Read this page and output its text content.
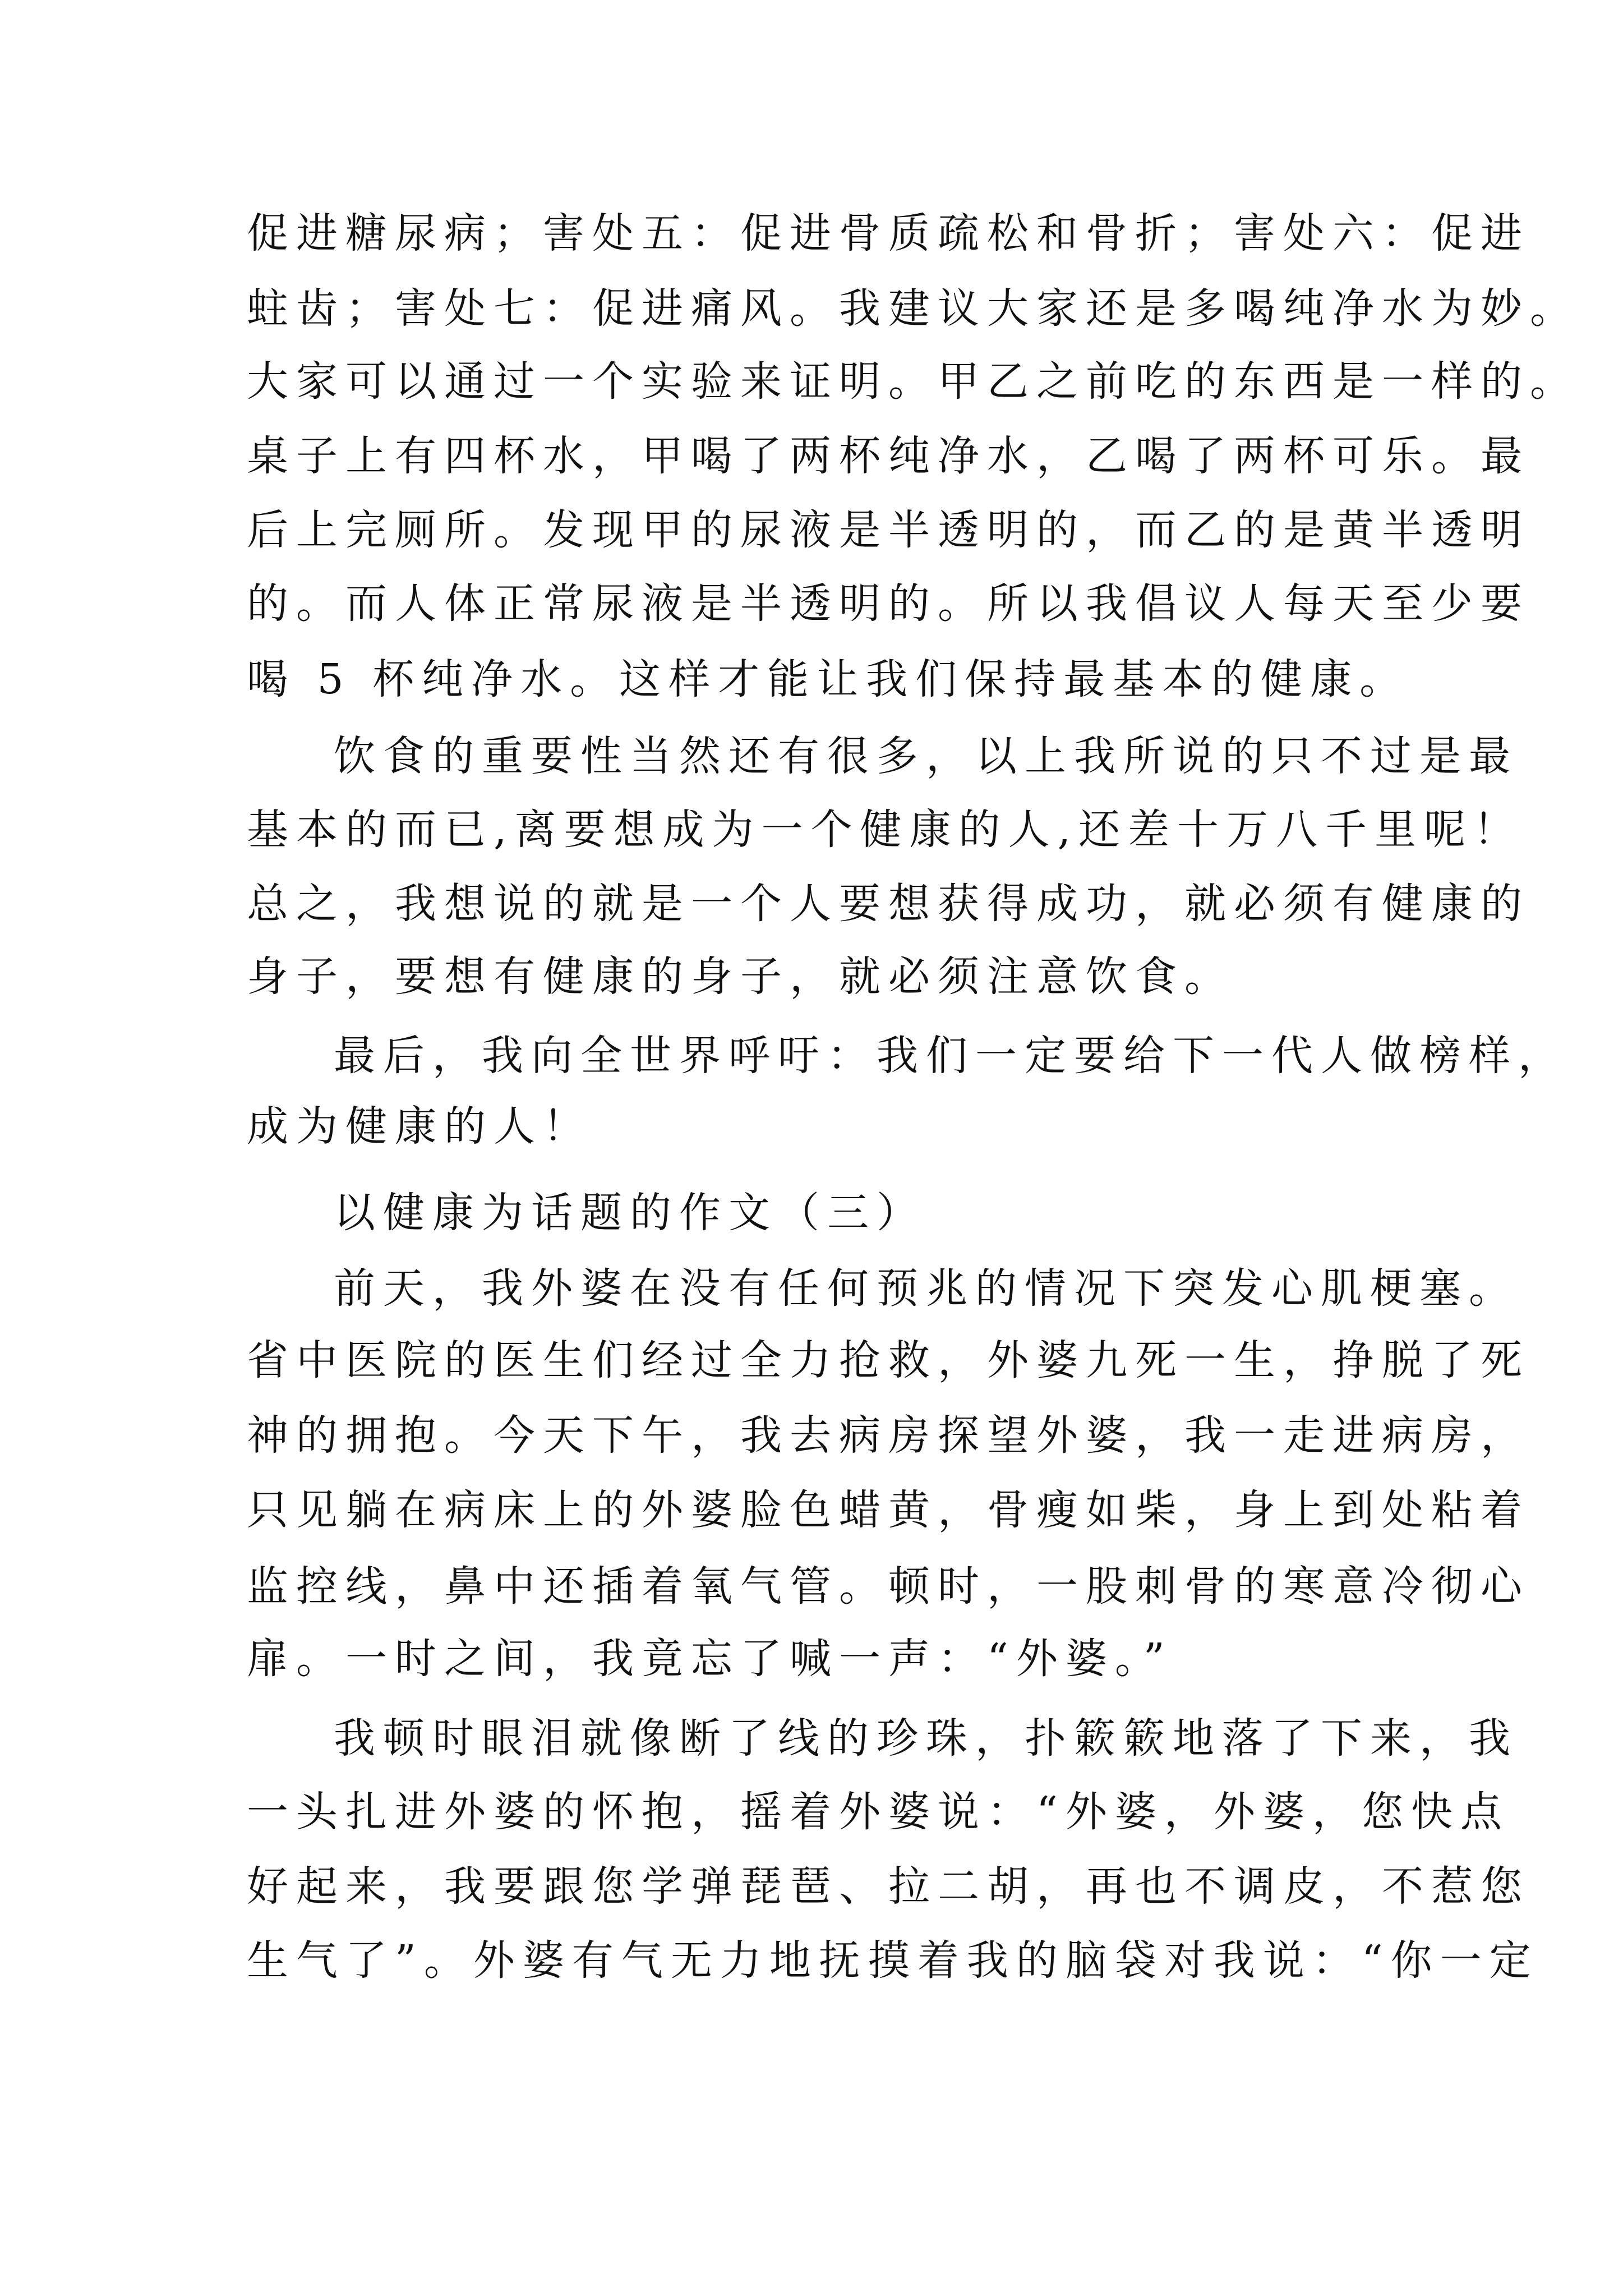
促进糖尿病；害处五：促进骨质疏松和骨折；害处六：促进
蛀齿；害处七：促进痛风。我建议大家还是多喝纯净水为妙。
大家可以通过一个实验来证明。甲乙之前吃的东西是一样的。
桌子上有四杯水，甲喝了两杯纯净水，乙喝了两杯可乐。最
后上完厕所。发现甲的尿液是半透明的，而乙的是黄半透明
的。而人体正常尿液是半透明的。所以我倡议人每天至少要
喝 5 杯纯净水。这样才能让我们保持最基本的健康。
饮食的重要性当然还有很多，以上我所说的只不过是最
基本的而已,离要想成为一个健康的人,还差十万八千里呢！
总之，我想说的就是一个人要想获得成功，就必须有健康的
身子，要想有健康的身子，就必须注意饮食。
最后，我向全世界呼吁：我们一定要给下一代人做榜样，
成为健康的人！
以健康为话题的作文（三）
前天，我外婆在没有任何预兆的情况下突发心肌梗塞。
省中医院的医生们经过全力抢救，外婆九死一生，挣脱了死
神的拥抱。今天下午，我去病房探望外婆，我一走进病房，
只见躺在病床上的外婆脸色蜡黄，骨瘦如柴，身上到处粘着
监控线，鼻中还插着氧气管。顿时，一股刺骨的寒意冷彻心
扉。一时之间，我竟忘了喊一声：“外婆。”
我顿时眼泪就像断了线的珍珠，扑簌簌地落了下来，我
一头扎进外婆的怀抱，摇着外婆说：“外婆，外婆，您快点
好起来，我要跟您学弹琵琶、拉二胡，再也不调皮，不惹您
生气了”。外婆有气无力地抚摸着我的脑袋对我说：“你一定
